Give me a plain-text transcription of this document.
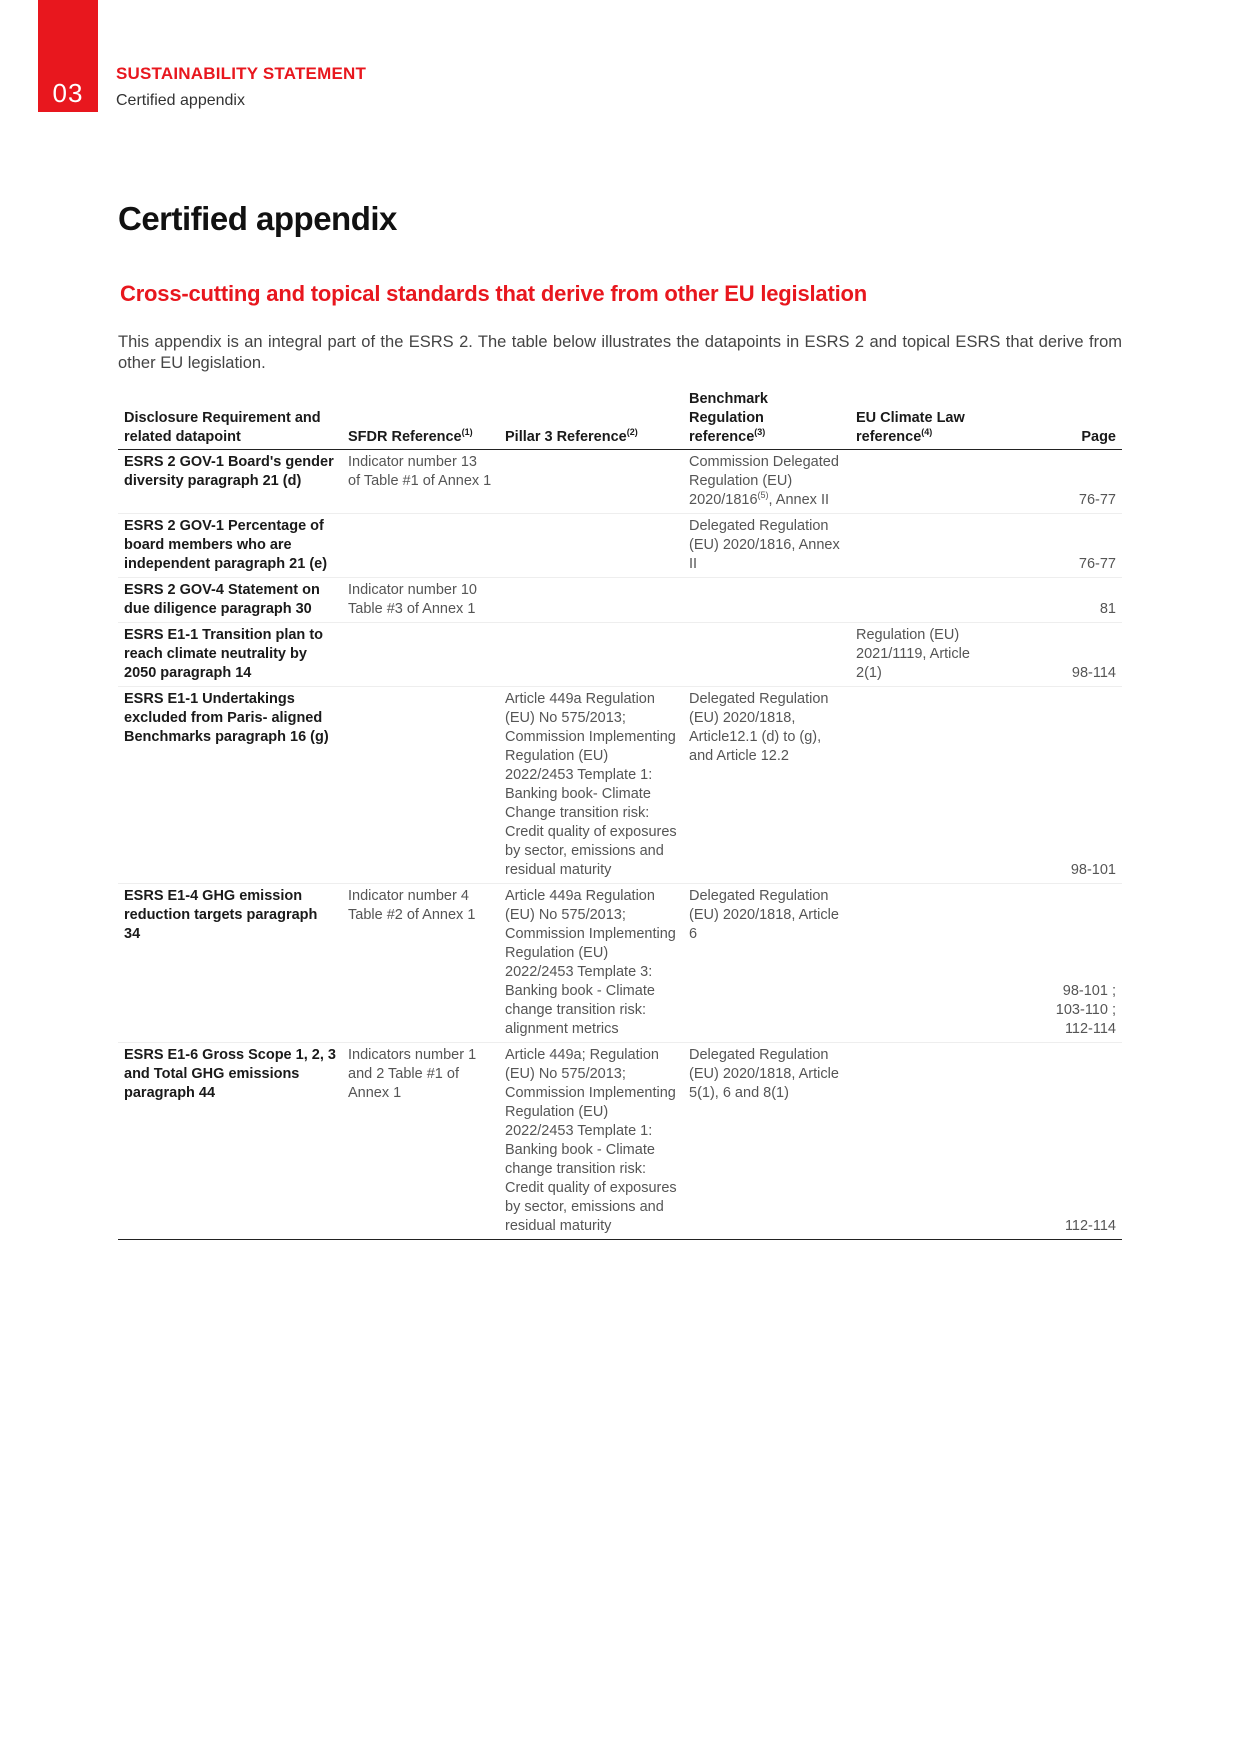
03
SUSTAINABILITY STATEMENT
Certified appendix
Certified appendix
Cross-cutting and topical standards that derive from other EU legislation

This appendix is an integral part of the ESRS 2. The table below illustrates the datapoints in ESRS 2 and topical ESRS that derive from other EU legislation.

Disclosure Requirement and related datapoint	SFDR Reference$^{(1)}$	Pillar 3 Reference$^{(2)}$	Benchmark Regulation reference$^{(3)}$	EU Climate Law reference$^{(4)}$	Page
ESRS 2 GOV-1 Board's gender diversity paragraph 21 (d)	Indicator number 13 of Table #1 of Annex 1		Commission Delegated Regulation (EU) 2020/1816$^{(5)}$, Annex II		76-77
ESRS 2 GOV-1 Percentage of board members who are independent paragraph 21 (e)			Delegated Regulation (EU) 2020/1816, Annex II		76-77
ESRS 2 GOV-4 Statement on due diligence paragraph 30	Indicator number 10 Table #3 of Annex 1				81
ESRS E1-1 Transition plan to reach climate neutrality by 2050 paragraph 14				Regulation (EU) 2021/1119, Article 2(1)	98-114
ESRS E1-1 Undertakings excluded from Paris- aligned Benchmarks paragraph 16 (g)		Article 449a Regulation (EU) No 575/2013; Commission Implementing Regulation (EU) 2022/2453 Template 1: Banking book- Climate Change transition risk: Credit quality of exposures by sector, emissions and residual maturity	Delegated Regulation (EU) 2020/1818, Article12.1 (d) to (g), and Article 12.2		98-101
ESRS E1-4 GHG emission reduction targets paragraph 34	Indicator number 4 Table #2 of Annex 1	Article 449a Regulation (EU) No 575/2013; Commission Implementing Regulation (EU) 2022/2453 Template 3: Banking book - Climate change transition risk: alignment metrics	Delegated Regulation (EU) 2020/1818, Article 6		98-101 ;
103-110 ;
112-114

ESRS E1-6 Gross Scope 1, 2, 3 and Total GHG emissions paragraph 44	Indicators number 1 and 2 Table #1 of Annex 1	Article 449a; Regulation (EU) No 575/2013; Commission Implementing Regulation (EU) 2022/2453 Template 1: Banking book - Climate change transition risk: Credit quality of exposures by sector, emissions and residual maturity	Delegated Regulation (EU) 2020/1818, Article 5(1), 6 and 8(1)		112-114
